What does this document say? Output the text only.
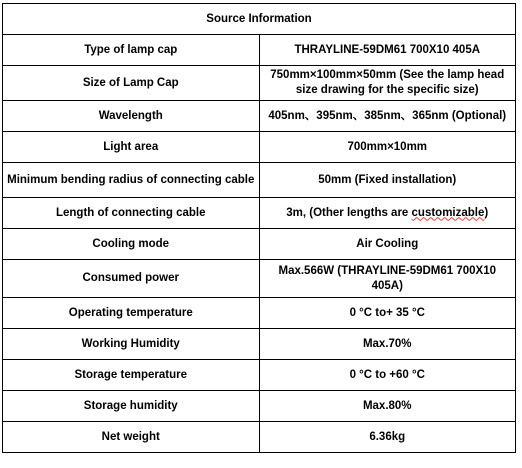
Source Information	
Type of lamp cap	THRAYLINE-59DM61 700X10 405A
Size of Lamp Cap	750mm×100mm×50mm (See the lamp head size drawing for the specific size)
Wavelength	405nm、395nm、385nm、365nm (Optional)
Light area	700mm×10mm
Minimum bending radius of connecting cable	50mm (Fixed installation)
Length of connecting cable	3m, (Other lengths are customizable)
Cooling mode	Air Cooling
Consumed power	Max.566W (THRAYLINE-59DM61 700X10 405A)
Operating temperature	0 °C to+ 35 °C
Working Humidity	Max.70%
Storage temperature	0 °C to +60 °C
Storage humidity	Max.80%
Net weight	6.36kg
